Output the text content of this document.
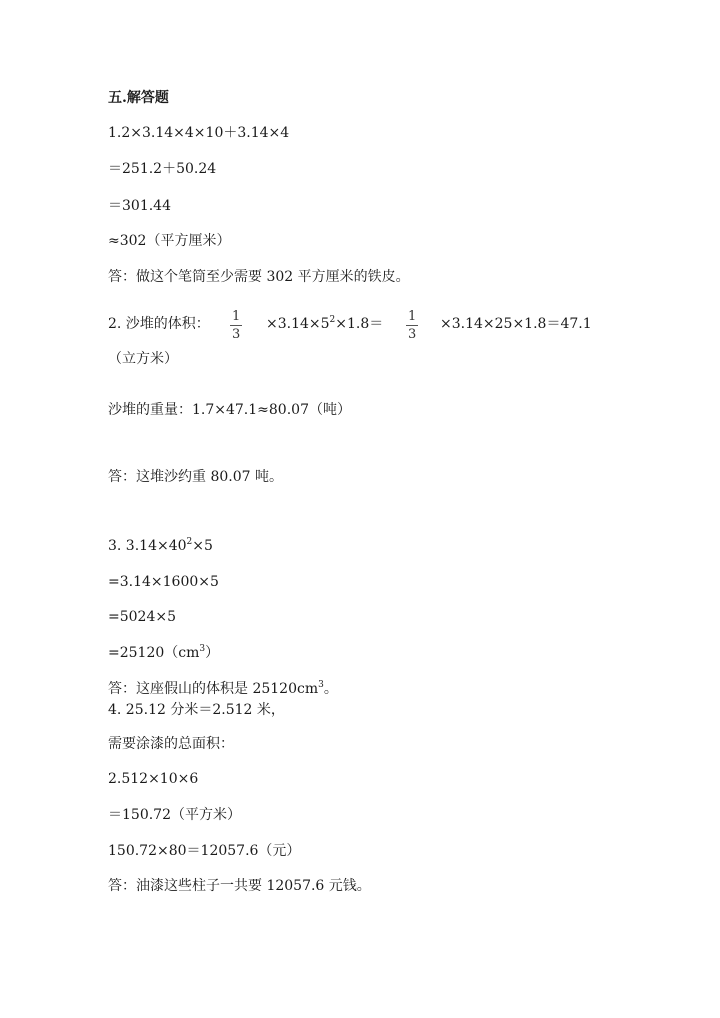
五.解答题
1.2×3.14×4×10＋3.14×4
＝251.2＋50.24
＝301.44
≈302（平方厘米）
答：做这个笔筒至少需要 302 平方厘米的铁皮。
2. 沙堆的体积： $\frac{1}{3} \times 3.14\times 5^2\times 1.8= \frac{1}{3} \times 3.14\times 25\times 1.8=47.1$
（立方米）
沙堆的重量：1.7×47.1≈80.07（吨）
答：这堆沙约重 80.07 吨。
3. $3.14\times 40^2\times 5$
=3.14×1600×5
=5024×5
$=25120(cm^3)$
答：这座假山的体积是 $25120cm^3$。
4. 25.12 分米＝2.512 米，
需要涂漆的总面积：
2.512×10×6
＝150.72（平方米）
150.72×80＝12057.6（元）
答：油漆这些柱子一共要 12057.6 元钱。
